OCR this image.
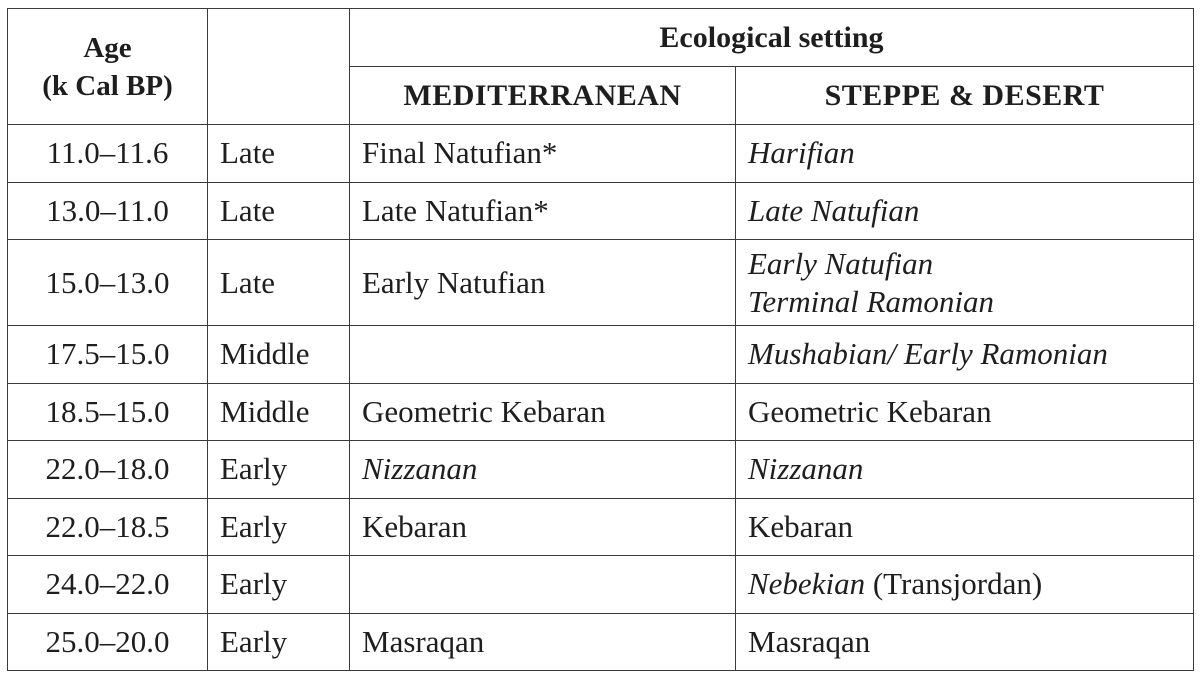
Age
(k Cal BP)		Ecological setting	
		MEDITERRANEAN	STEPPE & DESERT
11.0–11.6	Late	Final Natufian*	Harifian
13.0–11.0	Late	Late Natufian*	Late Natufian
15.0–13.0	Late	Early Natufian	Early Natufian
Terminal Ramonian

17.5–15.0	Middle		Mushabian/ Early Ramonian
18.5–15.0	Middle	Geometric Kebaran	Geometric Kebaran
22.0–18.0	Early	Nizzanan	Nizzanan
22.0–18.5	Early	Kebaran	Kebaran
24.0–22.0	Early		Nebekian (Transjordan)
25.0–20.0	Early	Masraqan	Masraqan
